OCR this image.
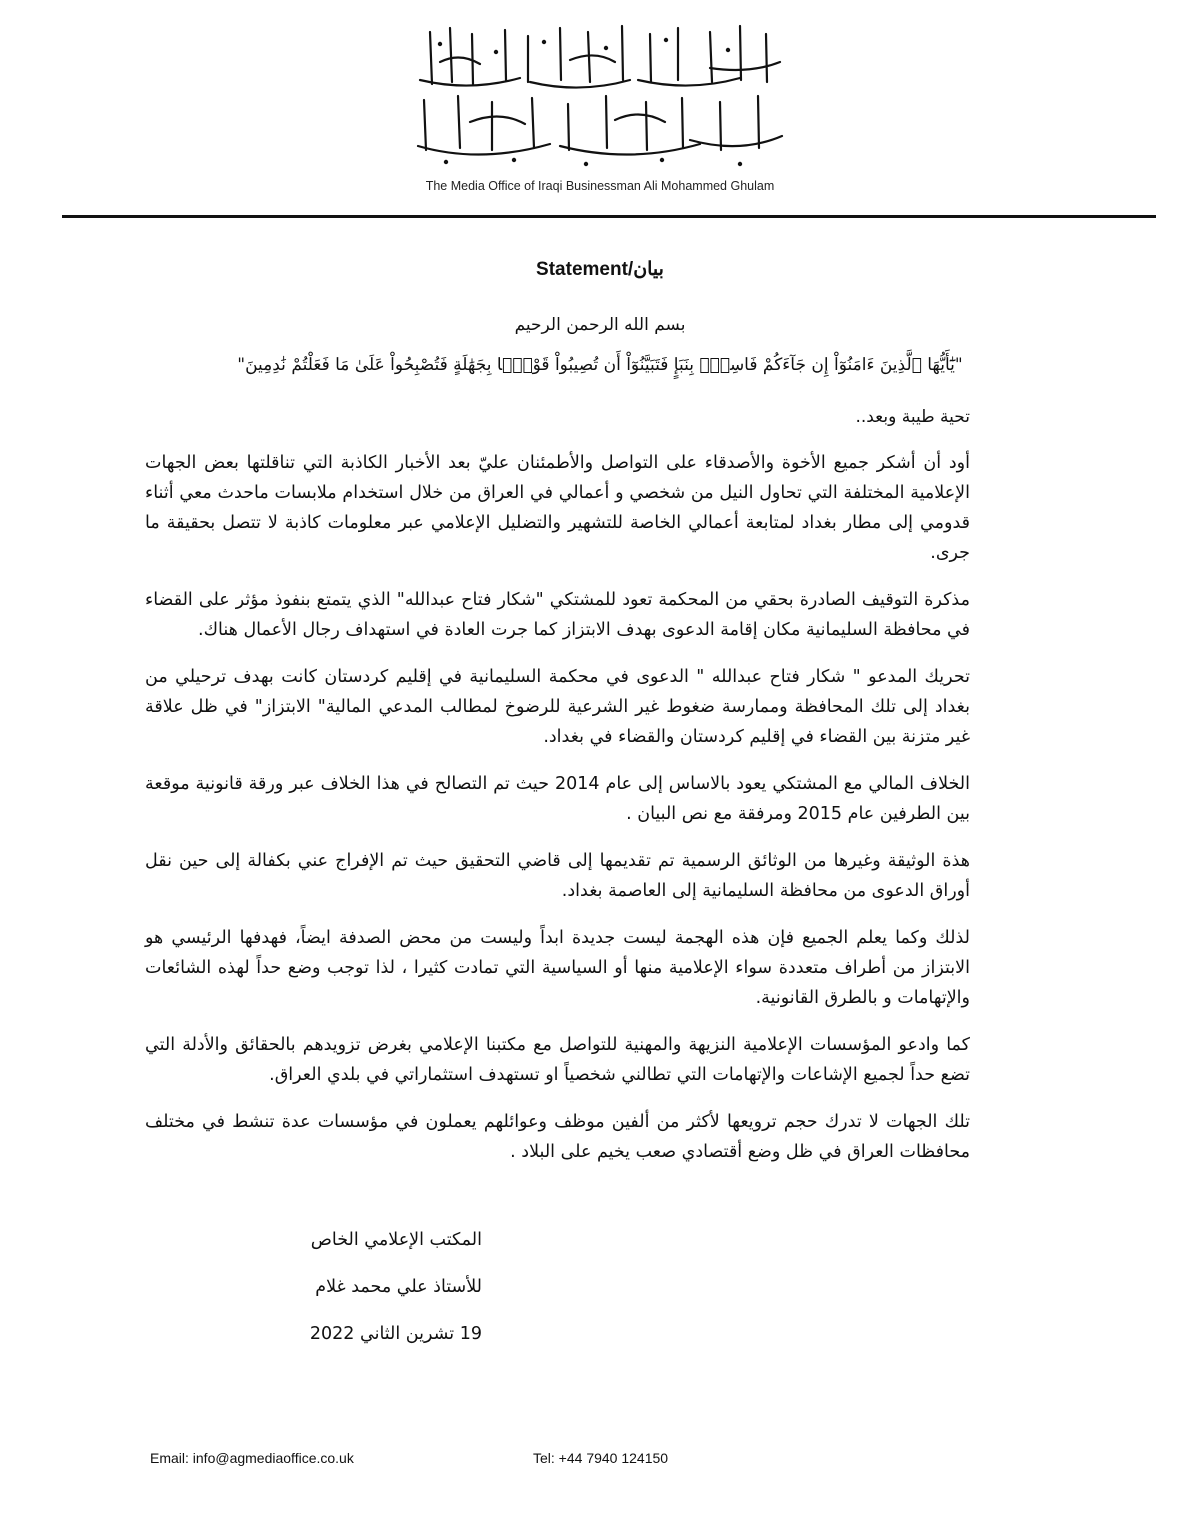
The Media Office of Iraqi Businessman Ali Mohammed Ghulam
Statement/بيان
بسم الله الرحمن الرحيم
"يَٰٓأَيُّهَا ٱلَّذِينَ ءَامَنُوٓاْ إِن جَآءَكُمْ فَاسِقٌۢ بِنَبَإٍ فَتَبَيَّنُوٓاْ أَن تُصِيبُواْ قَوْمًۢا بِجَهَٰلَةٍ فَتُصْبِحُواْ عَلَىٰ مَا فَعَلْتُمْ نَٰدِمِينَ"
تحية طيبة وبعد..

أود أن أشكر جميع الأخوة والأصدقاء على التواصل والأطمئنان عليّ بعد الأخبار الكاذبة التي تناقلتها بعض الجهات الإعلامية المختلفة التي تحاول النيل من شخصي و أعمالي في العراق من خلال استخدام ملابسات ماحدث معي أثناء قدومي إلى مطار بغداد لمتابعة أعمالي الخاصة للتشهير والتضليل الإعلامي عبر معلومات كاذبة لا تتصل بحقيقة ما جرى.

مذكرة التوقيف الصادرة بحقي من المحكمة تعود للمشتكي "شكار فتاح عبدالله" الذي يتمتع بنفوذ مؤثر على القضاء في محافظة السليمانية مكان إقامة الدعوى بهدف الابتزاز كما جرت العادة في استهداف رجال الأعمال هناك.

تحريك المدعو " شكار فتاح عبدالله " الدعوى في محكمة السليمانية في إقليم كردستان كانت بهدف ترحيلي من بغداد إلى تلك المحافظة وممارسة ضغوط غير الشرعية للرضوخ لمطالب المدعي المالية" الابتزاز" في ظل علاقة غير متزنة بين القضاء في إقليم كردستان والقضاء في بغداد.

الخلاف المالي مع المشتكي يعود بالاساس إلى عام 2014 حيث تم التصالح في هذا الخلاف عبر ورقة قانونية موقعة بين الطرفين عام 2015 ومرفقة مع نص البيان .

هذة الوثيقة وغيرها من الوثائق الرسمية تم تقديمها إلى قاضي التحقيق حيث تم الإفراج عني بكفالة إلى حين نقل أوراق الدعوى من محافظة السليمانية إلى العاصمة بغداد.

لذلك وكما يعلم الجميع فإن هذه الهجمة ليست جديدة ابداً وليست من محض الصدفة ايضاً، فهدفها الرئيسي هو الابتزاز من أطراف متعددة سواء الإعلامية منها أو السياسية التي تمادت كثيرا ، لذا توجب وضع حداً لهذه الشائعات والإتهامات و بالطرق القانونية.

كما وادعو المؤسسات الإعلامية النزيهة والمهنية للتواصل مع مكتبنا الإعلامي بغرض تزويدهم بالحقائق والأدلة التي تضع حداً لجميع الإشاعات والإتهامات التي تطالني شخصياً او تستهدف استثماراتي في بلدي العراق.

تلك الجهات لا تدرك حجم ترويعها لأكثر من ألفين موظف وعوائلهم يعملون في مؤسسات عدة تنشط في مختلف محافظات العراق في ظل وضع أقتصادي صعب يخيم على البلاد .

المكتب الإعلامي الخاص
للأستاذ علي محمد غلام
19 تشرين الثاني 2022
Email: info@agmediaoffice.co.uk	Tel: +44 7940 124150
